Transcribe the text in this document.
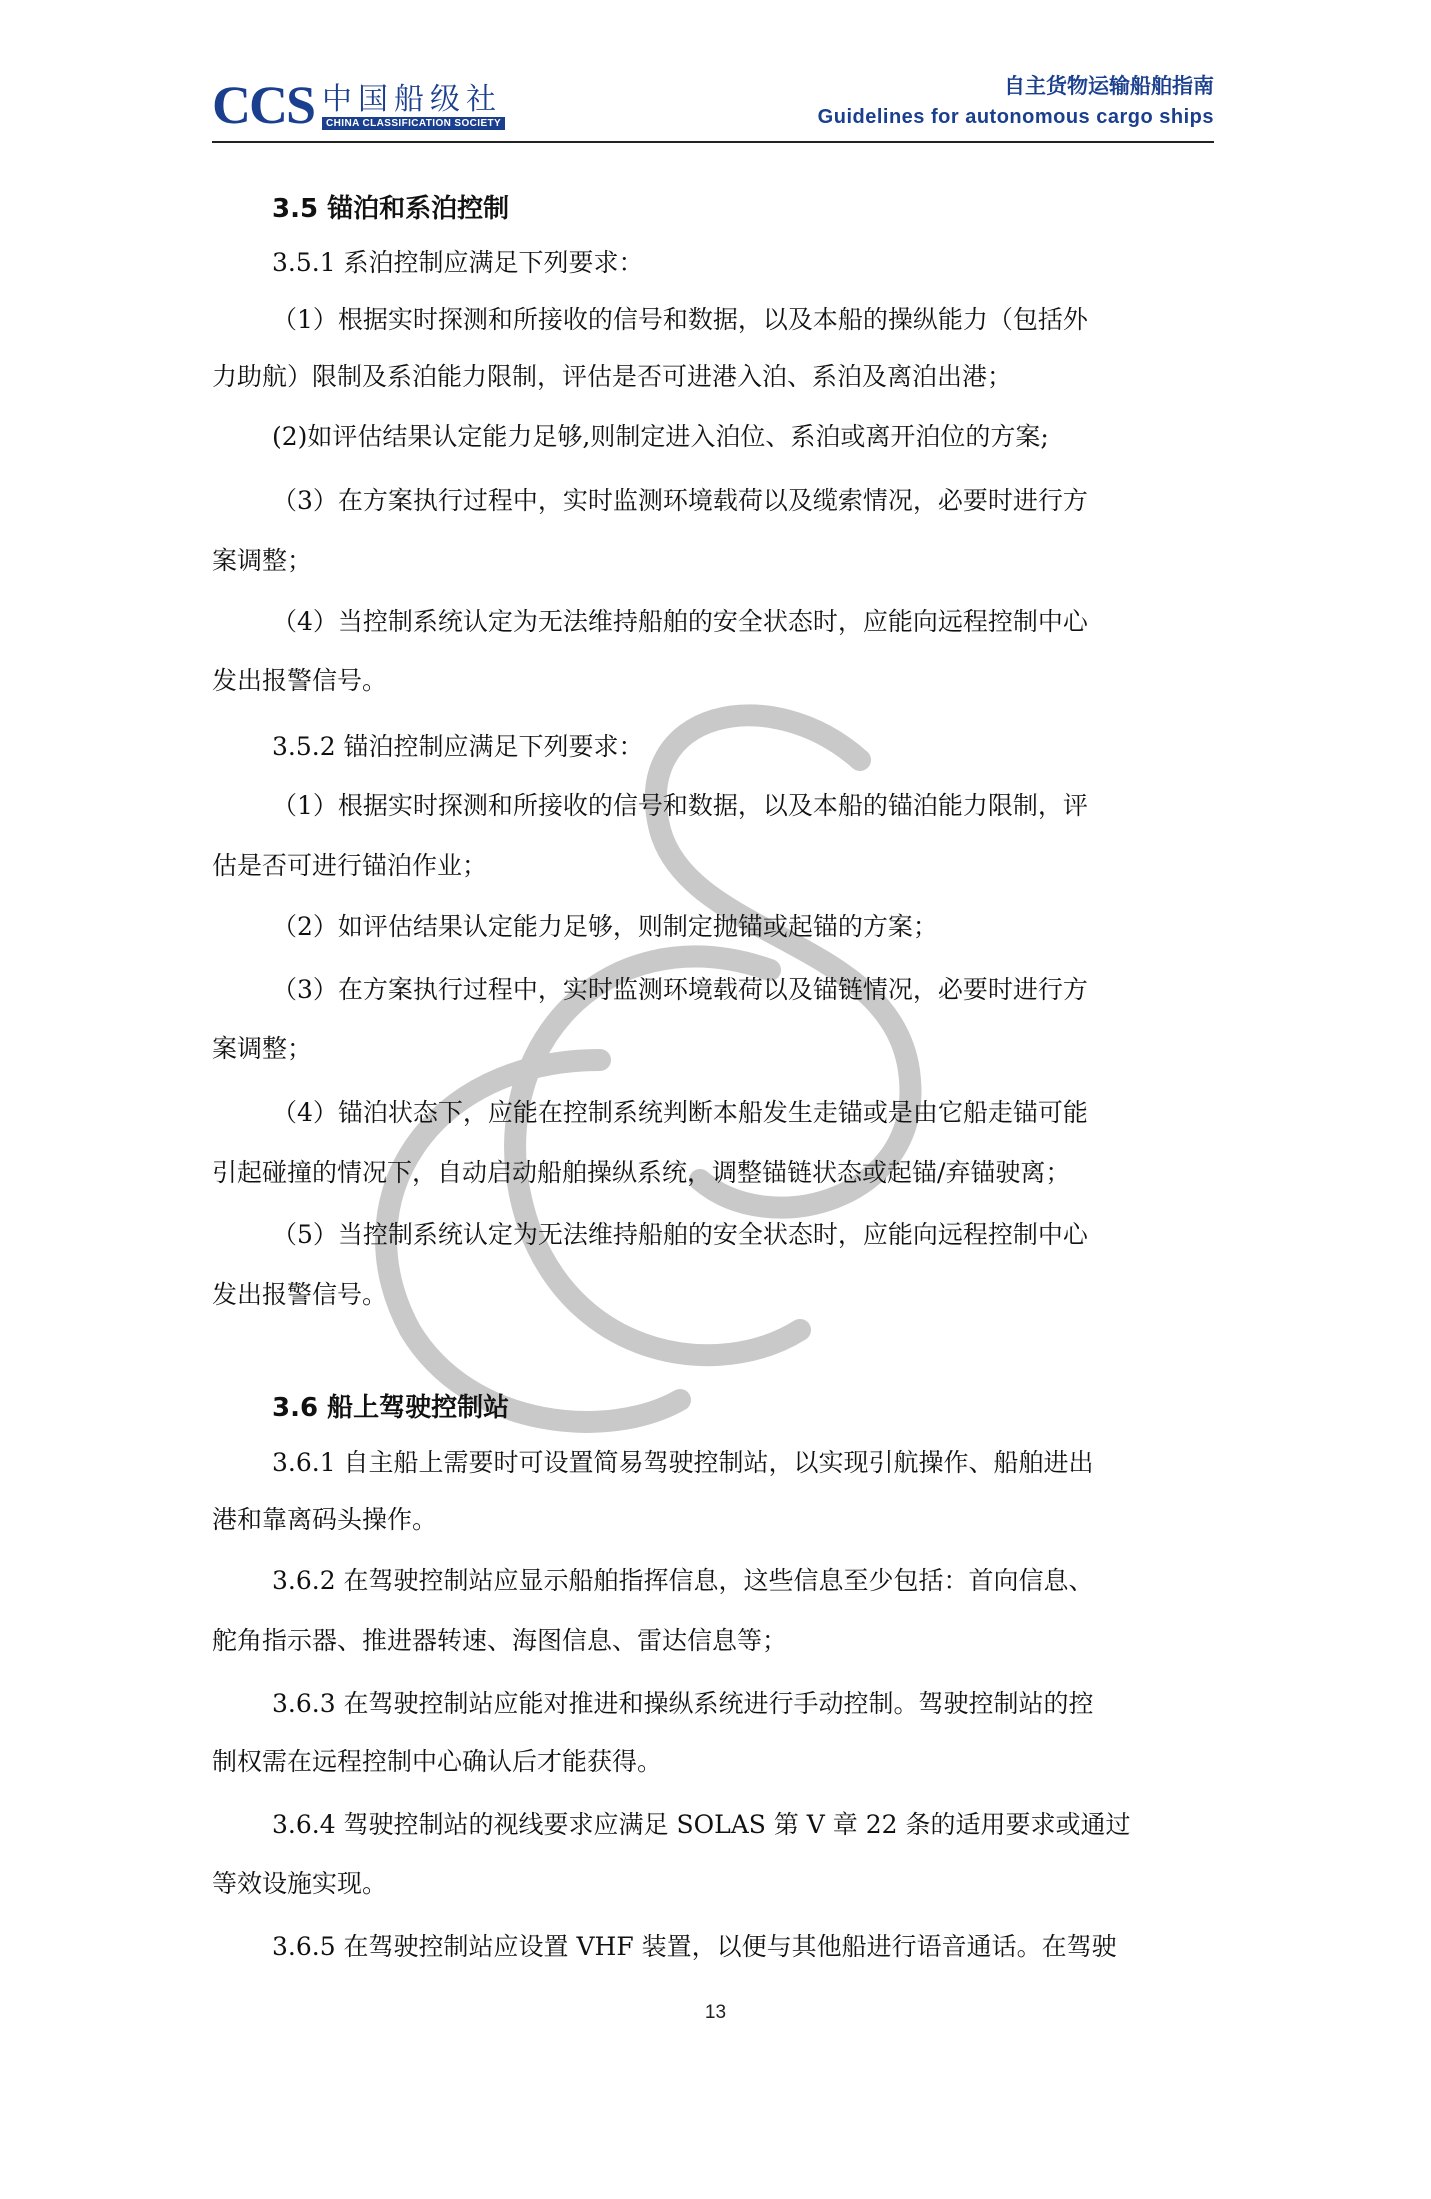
CCS 中国船级社
CHINA CLASSIFICATION SOCIETY
自主货物运输船舶指南
Guidelines for autonomous cargo ships
3.5 锚泊和系泊控制
3.5.1 系泊控制应满足下列要求：
（1）根据实时探测和所接收的信号和数据，以及本船的操纵能力（包括外
力助航）限制及系泊能力限制，评估是否可进港入泊、系泊及离泊出港；
(2)如评估结果认定能力足够,则制定进入泊位、系泊或离开泊位的方案;
（3）在方案执行过程中，实时监测环境载荷以及缆索情况，必要时进行方
案调整；
（4）当控制系统认定为无法维持船舶的安全状态时，应能向远程控制中心
发出报警信号。
3.5.2 锚泊控制应满足下列要求：
（1）根据实时探测和所接收的信号和数据，以及本船的锚泊能力限制，评
估是否可进行锚泊作业；
（2）如评估结果认定能力足够，则制定抛锚或起锚的方案；
（3）在方案执行过程中，实时监测环境载荷以及锚链情况，必要时进行方
案调整；
（4）锚泊状态下，应能在控制系统判断本船发生走锚或是由它船走锚可能
引起碰撞的情况下，自动启动船舶操纵系统，调整锚链状态或起锚/弃锚驶离；
（5）当控制系统认定为无法维持船舶的安全状态时，应能向远程控制中心
发出报警信号。
3.6 船上驾驶控制站
3.6.1 自主船上需要时可设置简易驾驶控制站，以实现引航操作、船舶进出
港和靠离码头操作。
3.6.2 在驾驶控制站应显示船舶指挥信息，这些信息至少包括：首向信息、
舵角指示器、推进器转速、海图信息、雷达信息等；
3.6.3 在驾驶控制站应能对推进和操纵系统进行手动控制。驾驶控制站的控
制权需在远程控制中心确认后才能获得。
3.6.4 驾驶控制站的视线要求应满足 SOLAS 第 V 章 22 条的适用要求或通过
等效设施实现。
3.6.5 在驾驶控制站应设置 VHF 装置，以便与其他船进行语音通话。在驾驶
13
